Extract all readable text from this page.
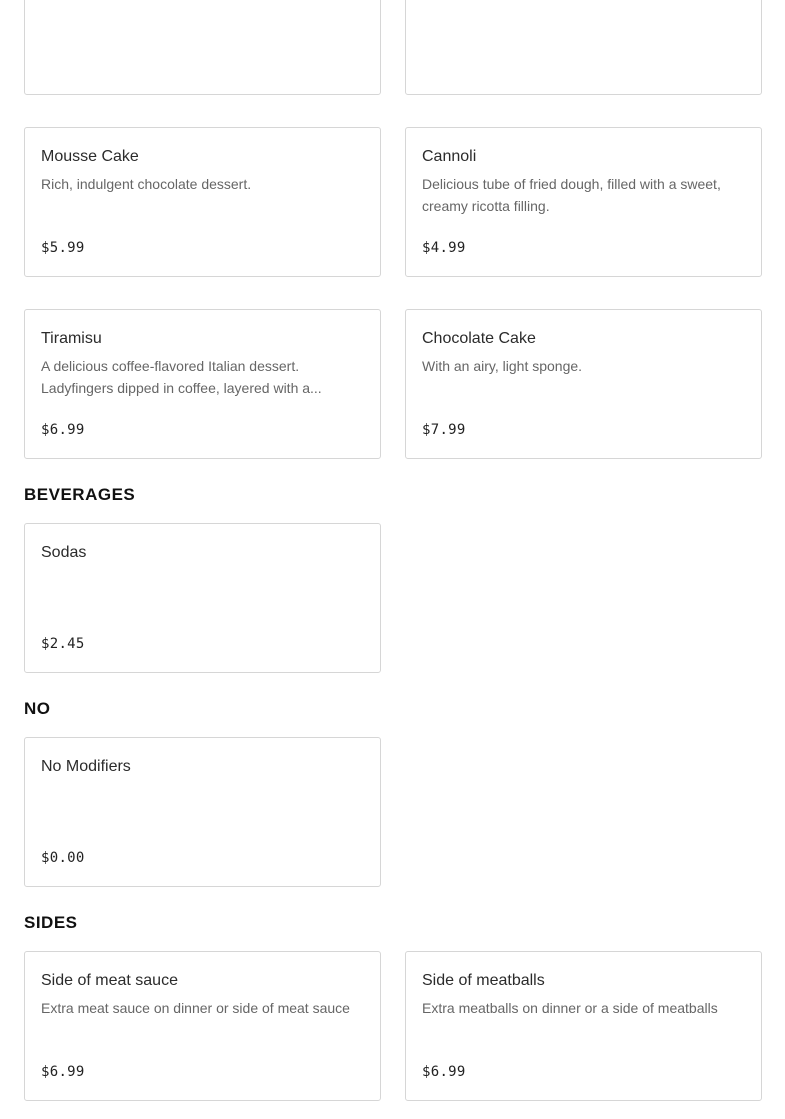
Mousse Cake
Rich, indulgent chocolate dessert.
$5.99
Cannoli
Delicious tube of fried dough, filled with a sweet, creamy ricotta filling.
$4.99
Tiramisu
A delicious coffee-flavored Italian dessert. Ladyfingers dipped in coffee, layered with a...
$6.99
Chocolate Cake
With an airy, light sponge.
$7.99
BEVERAGES
Sodas
$2.45
NO
No Modifiers
$0.00
SIDES
Side of meat sauce
Extra meat sauce on dinner or side of meat sauce
$6.99
Side of meatballs
Extra meatballs on dinner or a side of meatballs
$6.99
